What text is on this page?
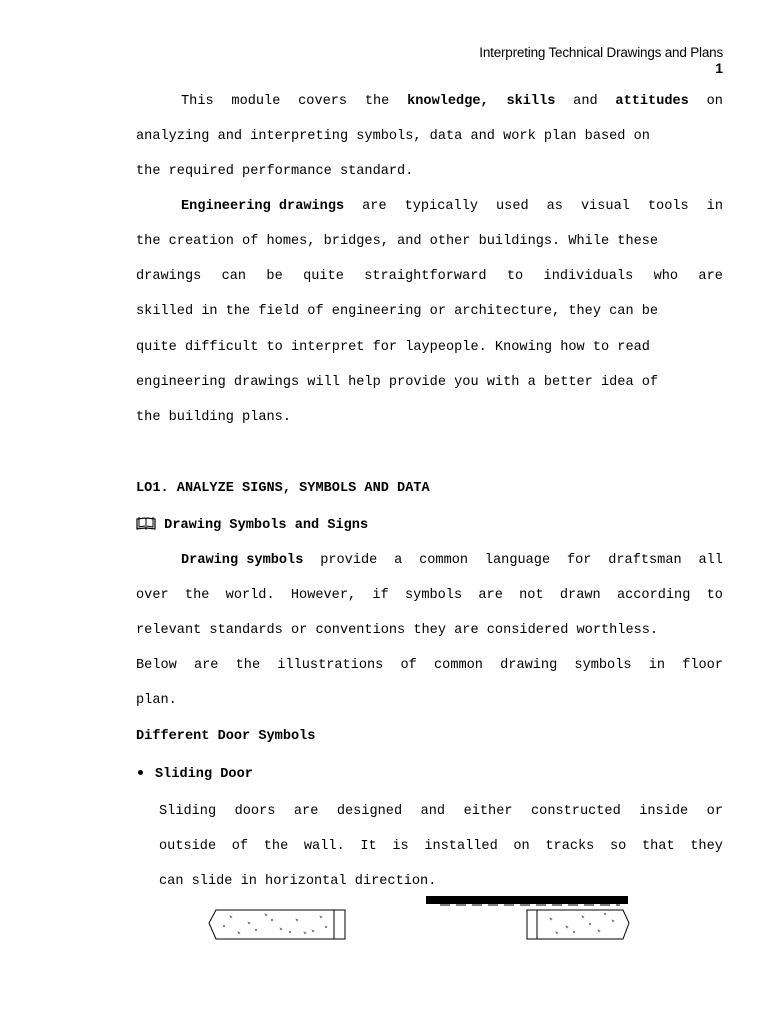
Interpreting Technical Drawings and Plans
1
This module covers the knowledge, skills and attitudes on
analyzing and interpreting symbols, data and work plan based on
the required performance standard.
Engineering drawings are typically used as visual tools in
the creation of homes, bridges, and other buildings. While these
drawings can be quite straightforward to individuals who are
skilled in the field of engineering or architecture, they can be
quite difficult to interpret for laypeople. Knowing how to read
engineering drawings will help provide you with a better idea of
the building plans.
LO1. ANALYZE SIGNS, SYMBOLS AND DATA
Drawing Symbols and Signs
Drawing symbols provide a common language for draftsman all
over the world. However, if symbols are not drawn according to
relevant standards or conventions they are considered worthless.
Below are the illustrations of common drawing symbols in floor
plan.
Different Door Symbols
Sliding Door
Sliding doors are designed and either constructed inside or
outside of the wall. It is installed on tracks so that they
can slide in horizontal direction.
